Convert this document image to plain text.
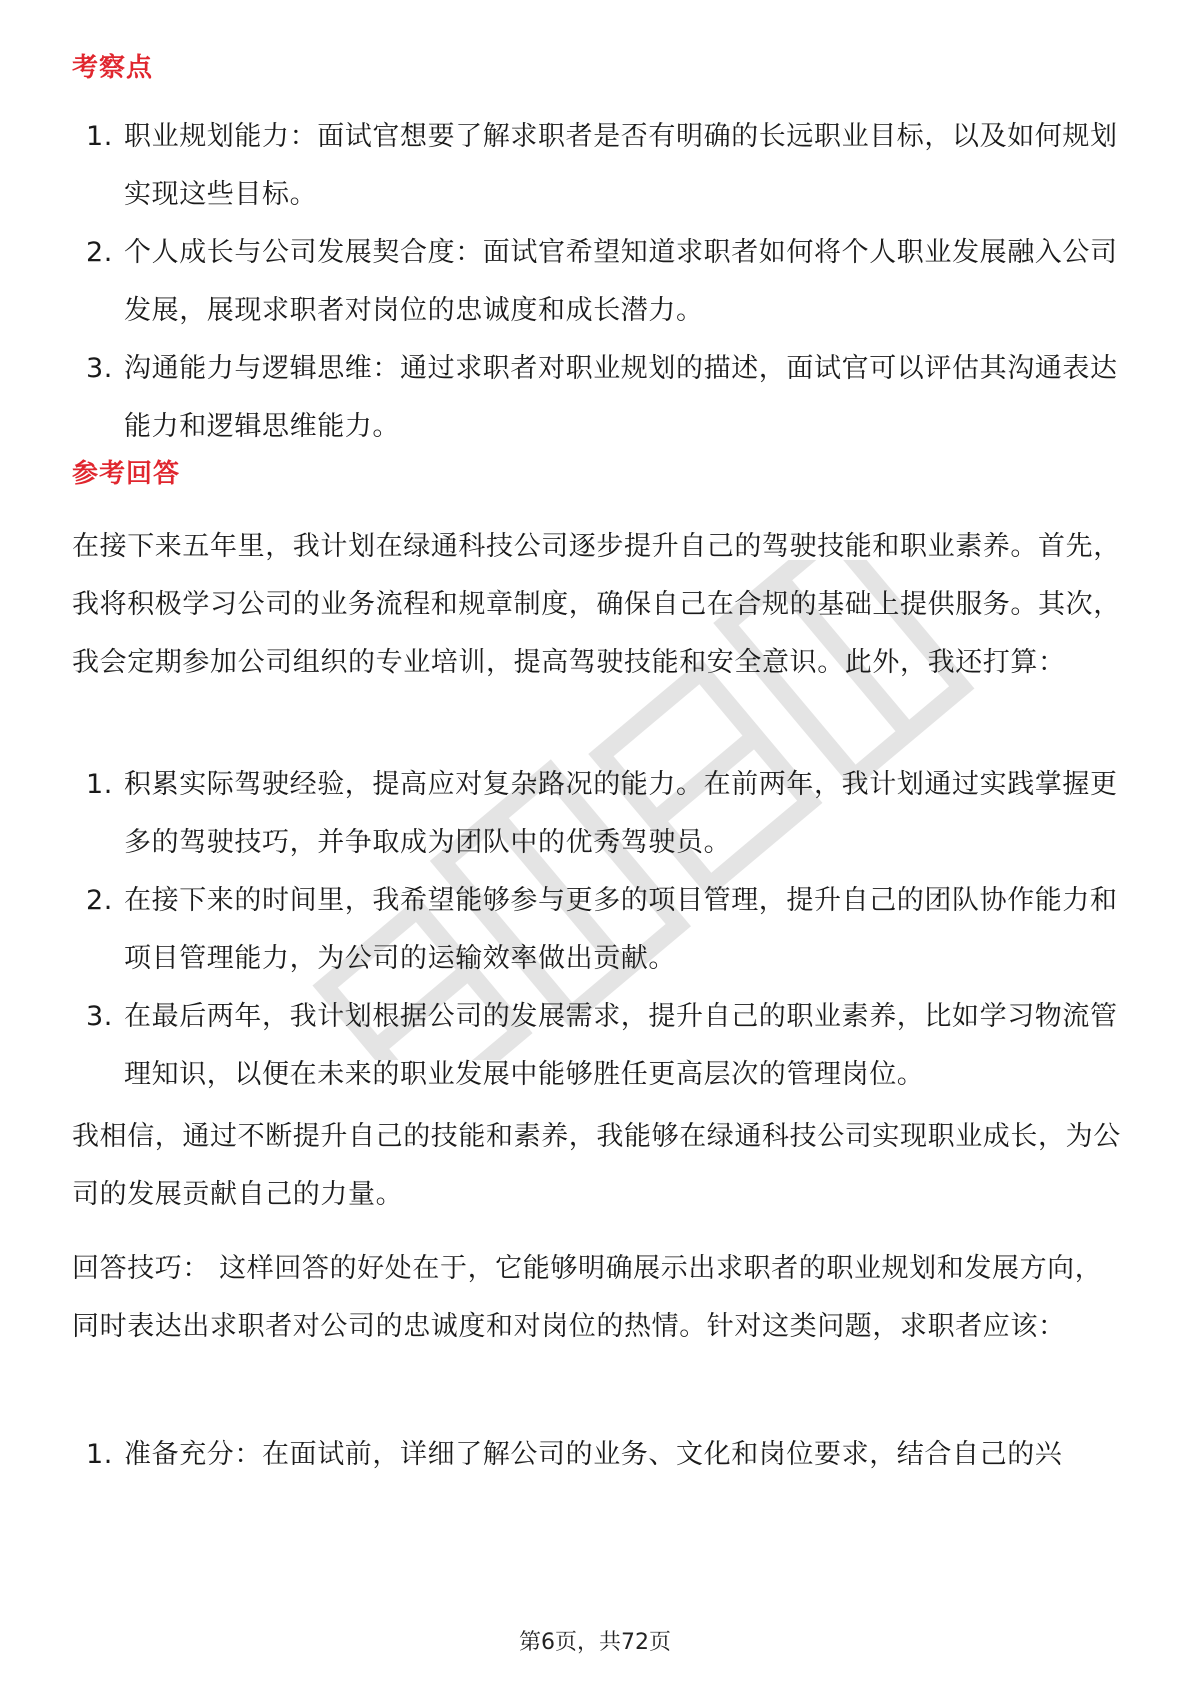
考察点
1. 职业规划能力：面试官想要了解求职者是否有明确的长远职业目标，以及如何规划实现这些目标。
2. 个人成长与公司发展契合度：面试官希望知道求职者如何将个人职业发展融入公司发展，展现求职者对岗位的忠诚度和成长潜力。
3. 沟通能力与逻辑思维：通过求职者对职业规划的描述，面试官可以评估其沟通表达能力和逻辑思维能力。
参考回答
在接下来五年里，我计划在绿通科技公司逐步提升自己的驾驶技能和职业素养。首先，我将积极学习公司的业务流程和规章制度，确保自己在合规的基础上提供服务。其次，我会定期参加公司组织的专业培训，提高驾驶技能和安全意识。此外，我还打算：
1. 积累实际驾驶经验，提高应对复杂路况的能力。在前两年，我计划通过实践掌握更多的驾驶技巧，并争取成为团队中的优秀驾驶员。
2. 在接下来的时间里，我希望能够参与更多的项目管理，提升自己的团队协作能力和项目管理能力，为公司的运输效率做出贡献。
3. 在最后两年，我计划根据公司的发展需求，提升自己的职业素养，比如学习物流管理知识，以便在未来的职业发展中能够胜任更高层次的管理岗位。
我相信，通过不断提升自己的技能和素养，我能够在绿通科技公司实现职业成长，为公司的发展贡献自己的力量。
回答技巧： 这样回答的好处在于，它能够明确展示出求职者的职业规划和发展方向，同时表达出求职者对公司的忠诚度和对岗位的热情。针对这类问题，求职者应该：
1. 准备充分：在面试前，详细了解公司的业务、文化和岗位要求，结合自己的兴
第6页，共72页
